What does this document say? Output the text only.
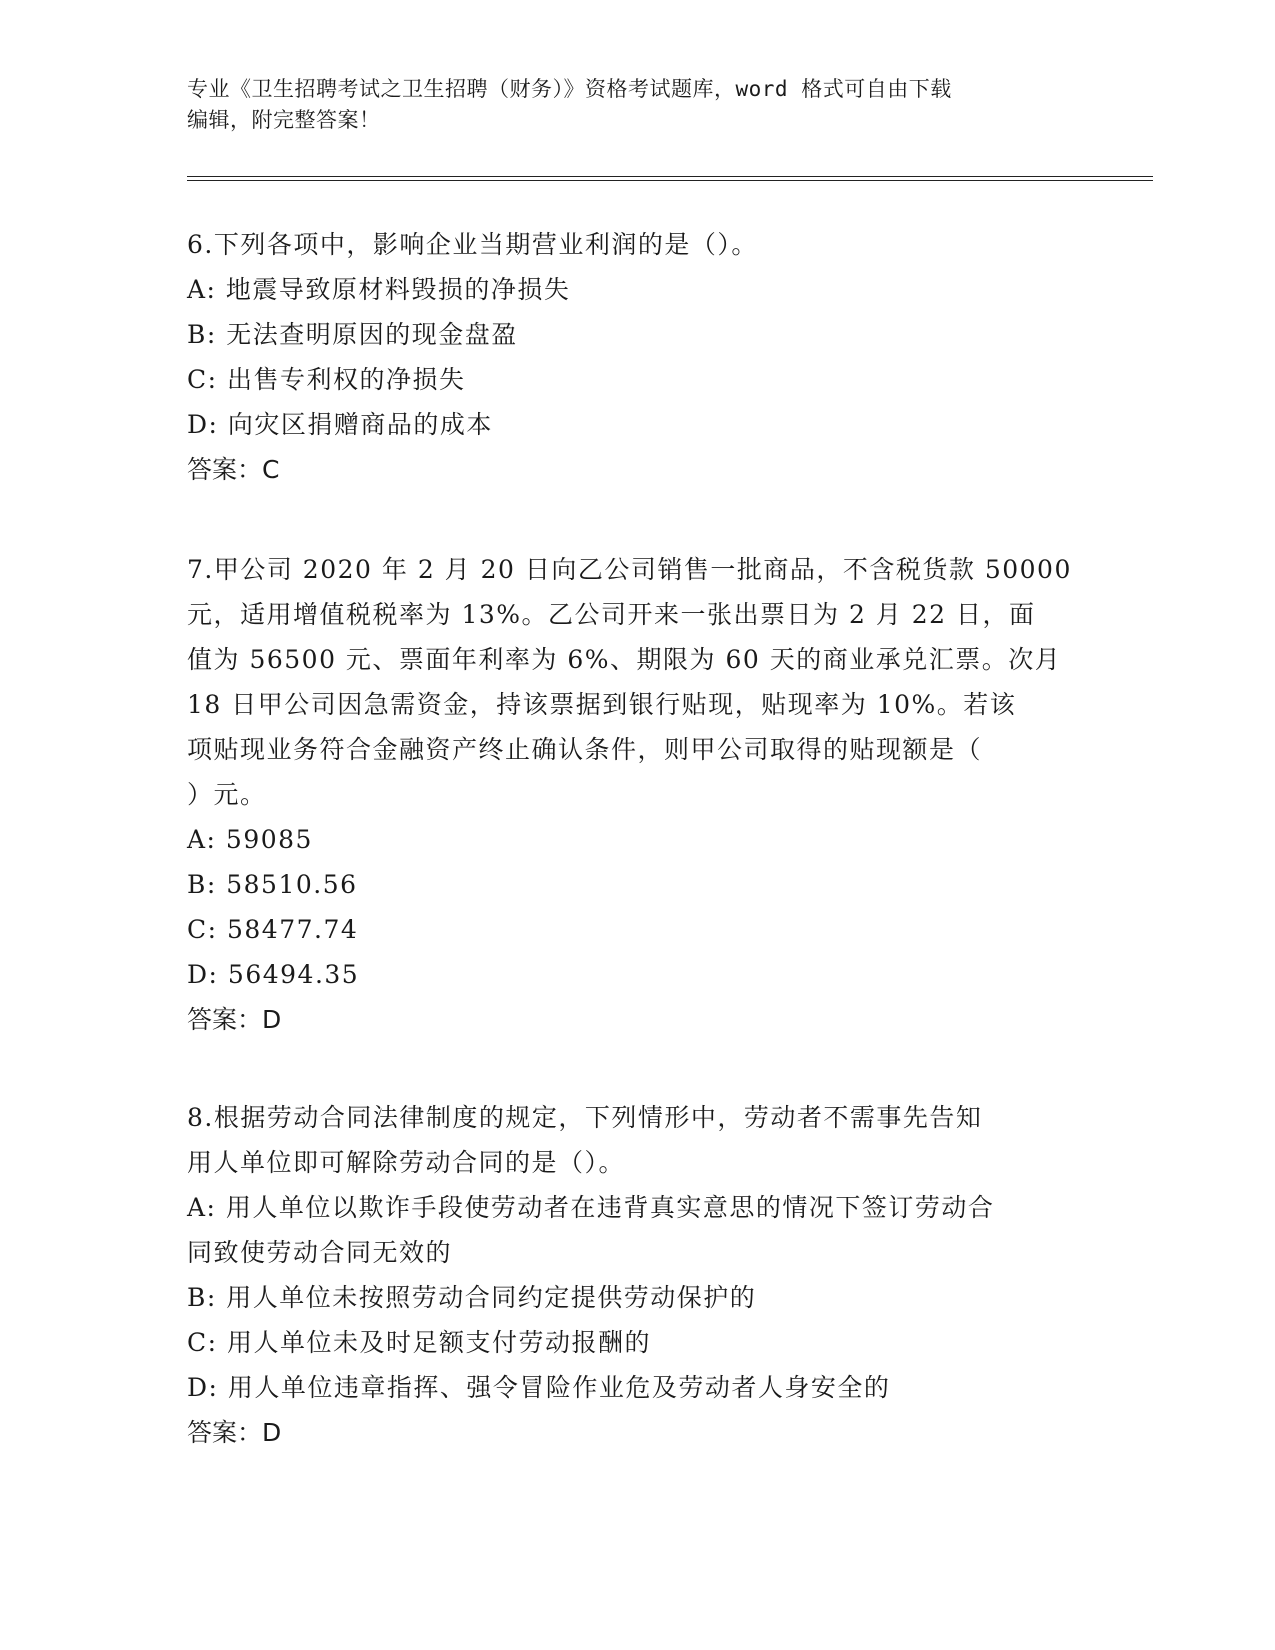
专业《卫生招聘考试之卫生招聘（财务）》资格考试题库，word 格式可自由下载
编辑，附完整答案！
6.下列各项中，影响企业当期营业利润的是（）。
A: 地震导致原材料毁损的净损失
B: 无法查明原因的现金盘盈
C: 出售专利权的净损失
D: 向灾区捐赠商品的成本
答案：C
7.甲公司 2020 年 2 月 20 日向乙公司销售一批商品，不含税货款 50000
元，适用增值税税率为 13%。乙公司开来一张出票日为 2 月 22 日，面
值为 56500 元、票面年利率为 6%、期限为 60 天的商业承兑汇票。次月
18 日甲公司因急需资金，持该票据到银行贴现，贴现率为 10%。若该
项贴现业务符合金融资产终止确认条件，则甲公司取得的贴现额是（
）元。
A: 59085
B: 58510.56
C: 58477.74
D: 56494.35
答案：D
8.根据劳动合同法律制度的规定，下列情形中，劳动者不需事先告知
用人单位即可解除劳动合同的是（）。
A: 用人单位以欺诈手段使劳动者在违背真实意思的情况下签订劳动合
同致使劳动合同无效的
B: 用人单位未按照劳动合同约定提供劳动保护的
C: 用人单位未及时足额支付劳动报酬的
D: 用人单位违章指挥、强令冒险作业危及劳动者人身安全的
答案：D
